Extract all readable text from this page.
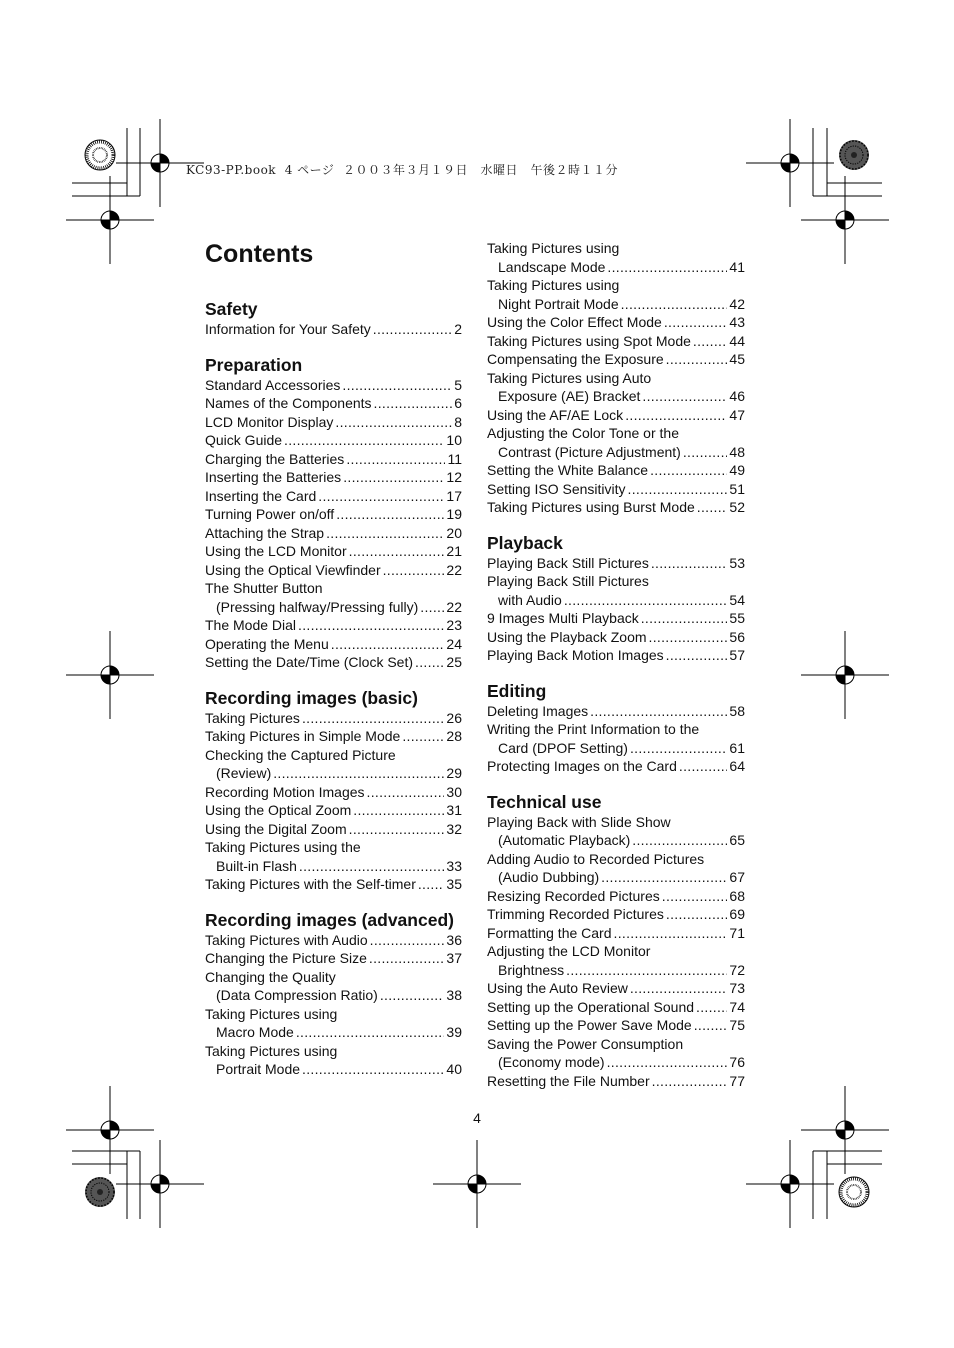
KC93-PP.book  4 ページ  ２００３年３月１９日　水曜日　午後２時１１分
Contents
Safety
Information for Your Safety .....	2
Preparation
Standard Accessories .....	5
Names of the Components .....	6
LCD Monitor Display .....	8
Quick Guide .....	10
Charging the Batteries .....	11
Inserting the Batteries .....	12
Inserting the Card .....	17
Turning Power on/off .....	19
Attaching the Strap .....	20
Using the LCD Monitor .....	21
Using the Optical Viewfinder .....	22
The Shutter Button
(Pressing halfway/Pressing fully) ..... 22
The Mode Dial .....	23
Operating the Menu .....	24
Setting the Date/Time (Clock Set) ..... 25
Recording images (basic)
Taking Pictures .....	26
Taking Pictures in Simple Mode .....	28
Checking the Captured Picture
(Review) .....	29
Recording Motion Images .....	30
Using the Optical Zoom .....	31
Using the Digital Zoom .....	32
Taking Pictures using the
Built-in Flash .....	33
Taking Pictures with the Self-timer ..... 35
Recording images (advanced)
Taking Pictures with Audio .....	36
Changing the Picture Size .....	37
Changing the Quality
(Data Compression Ratio) .....	38
Taking Pictures using
Macro Mode .....	39
Taking Pictures using
Portrait Mode .....	40
Taking Pictures using
Landscape Mode .....	41
Taking Pictures using
Night Portrait Mode .....	42
Using the Color Effect Mode .....	43
Taking Pictures using Spot Mode .....	44
Compensating the Exposure .....	45
Taking Pictures using Auto
Exposure (AE) Bracket .....	46
Using the AF/AE Lock .....	47
Adjusting the Color Tone or the
Contrast (Picture Adjustment) .....	48
Setting the White Balance .....	49
Setting ISO Sensitivity .....	51
Taking Pictures using Burst Mode ..... 52
Playback
Playing Back Still Pictures .....	53
Playing Back Still Pictures
with Audio .....	54
9 Images Multi Playback .....	55
Using the Playback Zoom .....	56
Playing Back Motion Images .....	57
Editing
Deleting Images .....	58
Writing the Print Information to the
Card (DPOF Setting) .....	61
Protecting Images on the Card .....	64
Technical use
Playing Back with Slide Show
(Automatic Playback) .....	65
Adding Audio to Recorded Pictures
(Audio Dubbing) .....	67
Resizing Recorded Pictures .....	68
Trimming Recorded Pictures .....	69
Formatting the Card .....	71
Adjusting the LCD Monitor
Brightness .....	72
Using the Auto Review .....	73
Setting up the Operational Sound .....	74
Setting up the Power Save Mode .....	75
Saving the Power Consumption
(Economy mode) .....	76
Resetting the File Number .....	77
4
